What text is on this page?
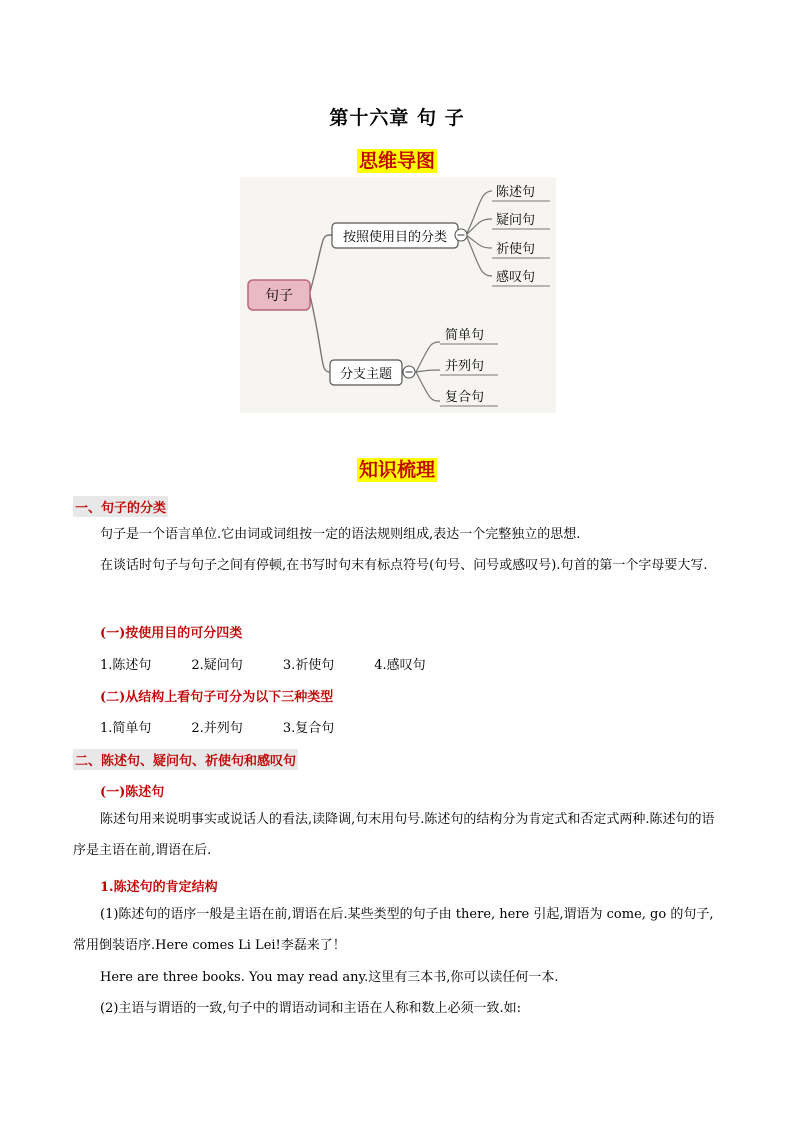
第十六章 句 子
思维导图
句子
按照使用目的分类
分支主题
陈述句
疑问句
祈使句
感叹句
简单句
并列句
复合句
知识梳理
一、句子的分类
句子是一个语言单位.它由词或词组按一定的语法规则组成,表达一个完整独立的思想.
在谈话时句子与句子之间有停顿,在书写时句末有标点符号(句号、问号或感叹号).句首的第一个字母要大写.
(一)按使用目的可分四类
1.陈述句	2.疑问句	3.祈使句	4.感叹句
(二)从结构上看句子可分为以下三种类型
1.简单句	2.并列句	3.复合句
二、陈述句、疑问句、祈使句和感叹句
(一)陈述句
陈述句用来说明事实或说话人的看法,读降调,句末用句号.陈述句的结构分为肯定式和否定式两种.陈述句的语序是主语在前,谓语在后.
1.陈述句的肯定结构
(1)陈述句的语序一般是主语在前,谓语在后.某些类型的句子由 there, here 引起,谓语为 come, go 的句子,常用倒装语序.Here comes Li Lei!李磊来了！
Here are three books. You may read any.这里有三本书,你可以读任何一本.
(2)主语与谓语的一致,句子中的谓语动词和主语在人称和数上必须一致.如:
